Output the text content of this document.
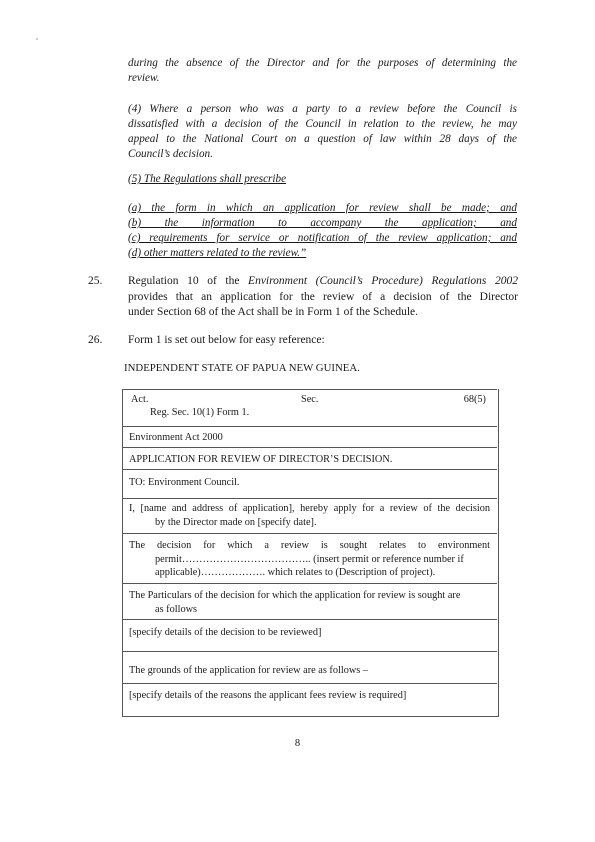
during the absence of the Director and for the purposes of determining the

review.

(4) Where a person who was a party to a review before the Council is

dissatisfied with a decision of the Council in relation to the review, he may

appeal to the National Court on a question of law within 28 days of the

Council’s decision.

(5) The Regulations shall prescribe

(a) the form in which an application for review shall be made; and

(b) the information to accompany the application; and

(c) requirements for service or notification of the review application; and

(d) other matters related to the review.”

25. Regulation 10 of the Environment (Council’s Procedure) Regulations 2002
provides that an application for the review of a decision of the Director
under Section 68 of the Act shall be in Form 1 of the Schedule.
26. Form 1 is set out below for easy reference:

INDEPENDENT STATE OF PAPUA NEW GUINEA.

Act.	Sec.	68(5)
Reg. Sec. 10(1) Form 1.
Environment Act 2000
APPLICATION FOR REVIEW OF DIRECTOR’S DECISION.
TO: Environment Council.
I, [name and address of application], hereby apply for a review of the decision
by the Director made on [specify date].
The decision for which a review is sought relates to environment
permit……………………………….. (insert permit or reference number if
applicable)………………. which relates to (Description of project).
The Particulars of the decision for which the application for review is sought are
as follows
[specify details of the decision to be reviewed]
The grounds of the application for review are as follows –
[specify details of the reasons the applicant fees review is required]
8
